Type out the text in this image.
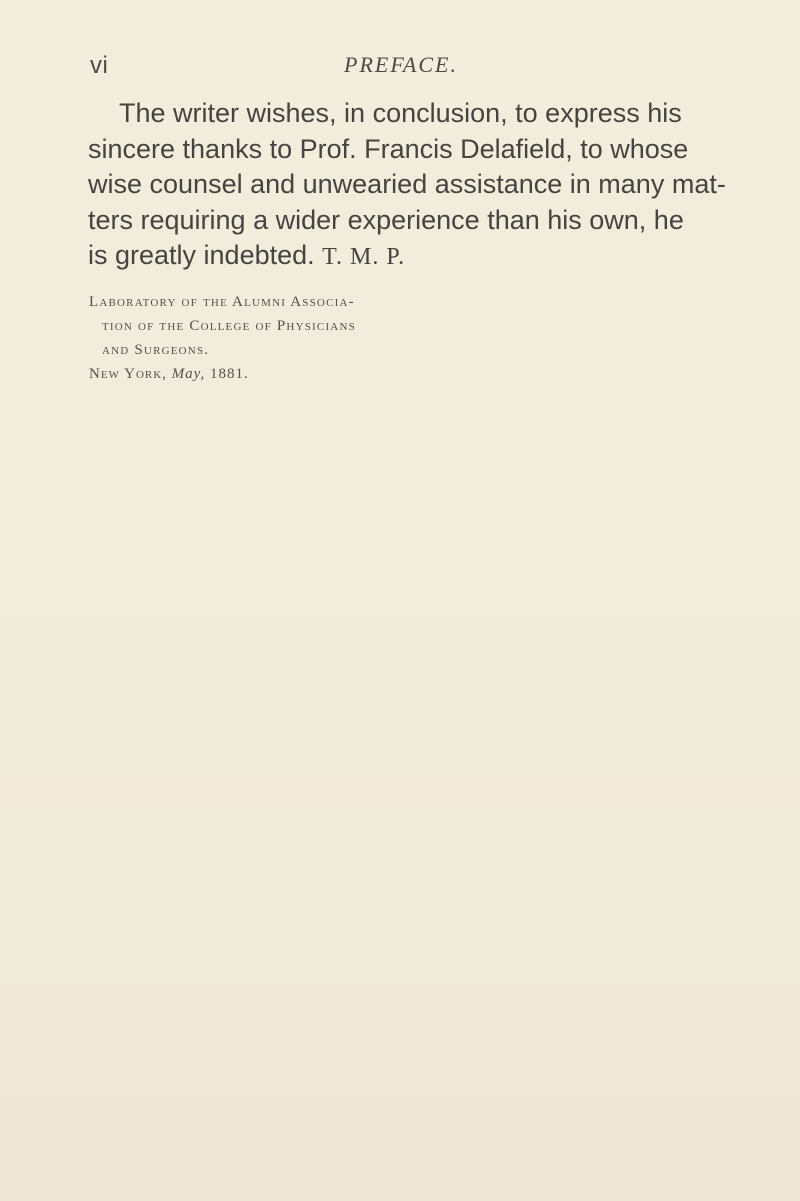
vi	PREFACE.
The writer wishes, in conclusion, to express his
sincere thanks to Prof. Francis Delafield, to whose
wise counsel and unwearied assistance in many mat-
ters requiring a wider experience than his own, he
is greatly indebted. T. M. P.
Laboratory of the Alumni Associa-
tion of the College of Physicians
and Surgeons.
New York, May, 1881.
